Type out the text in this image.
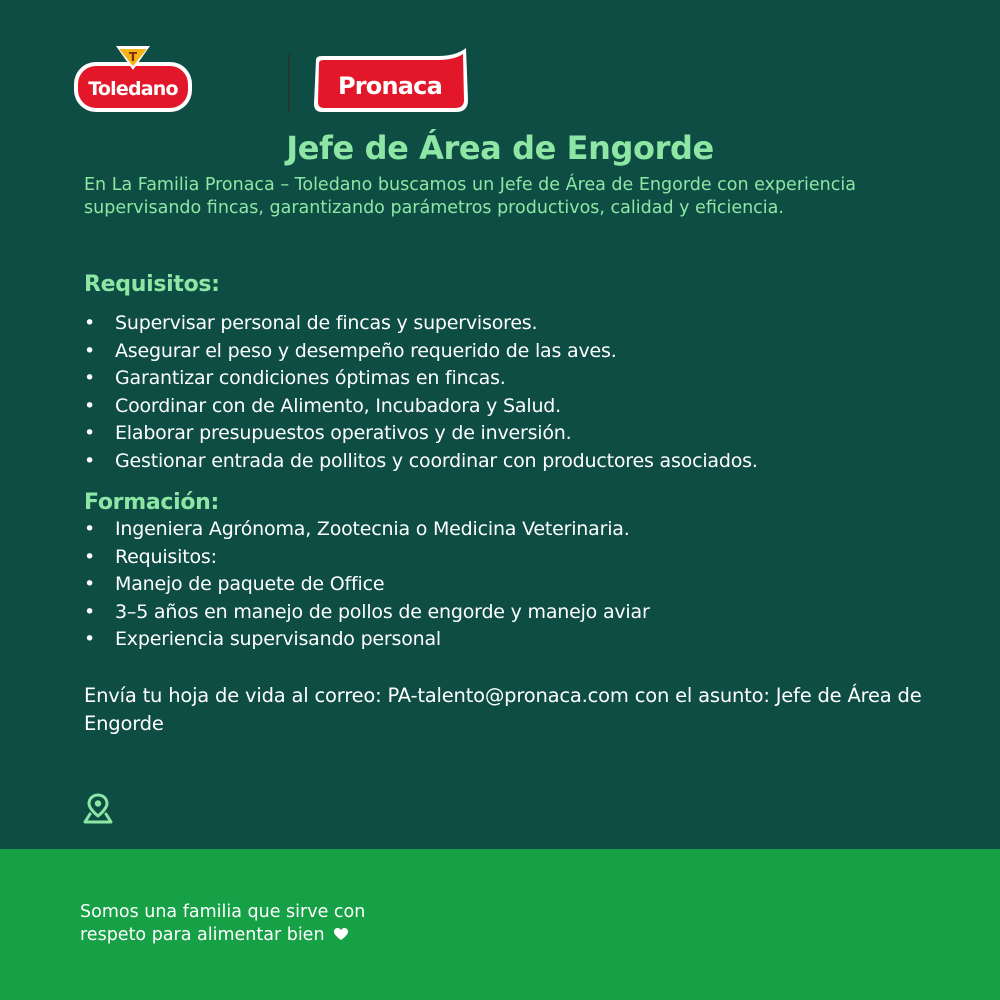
T
Toledano	Pronaca
Jefe de Área de Engorde
En La Familia Pronaca – Toledano buscamos un Jefe de Área de Engorde con experiencia supervisando fincas, garantizando parámetros productivos, calidad y eficiencia.
Requisitos:
• Supervisar personal de fincas y supervisores.
• Asegurar el peso y desempeño requerido de las aves.
• Garantizar condiciones óptimas en fincas.
• Coordinar con de Alimento, Incubadora y Salud.
• Elaborar presupuestos operativos y de inversión.
• Gestionar entrada de pollitos y coordinar con productores asociados.
Formación:
• Ingeniera Agrónoma, Zootecnia o Medicina Veterinaria.
• Requisitos:
• Manejo de paquete de Office
• 3–5 años en manejo de pollos de engorde y manejo aviar
• Experiencia supervisando personal
Envía tu hoja de vida al correo: PA-talento@pronaca.com con el asunto: Jefe de Área de Engorde
Somos una familia que sirve con
respeto para alimentar bien
